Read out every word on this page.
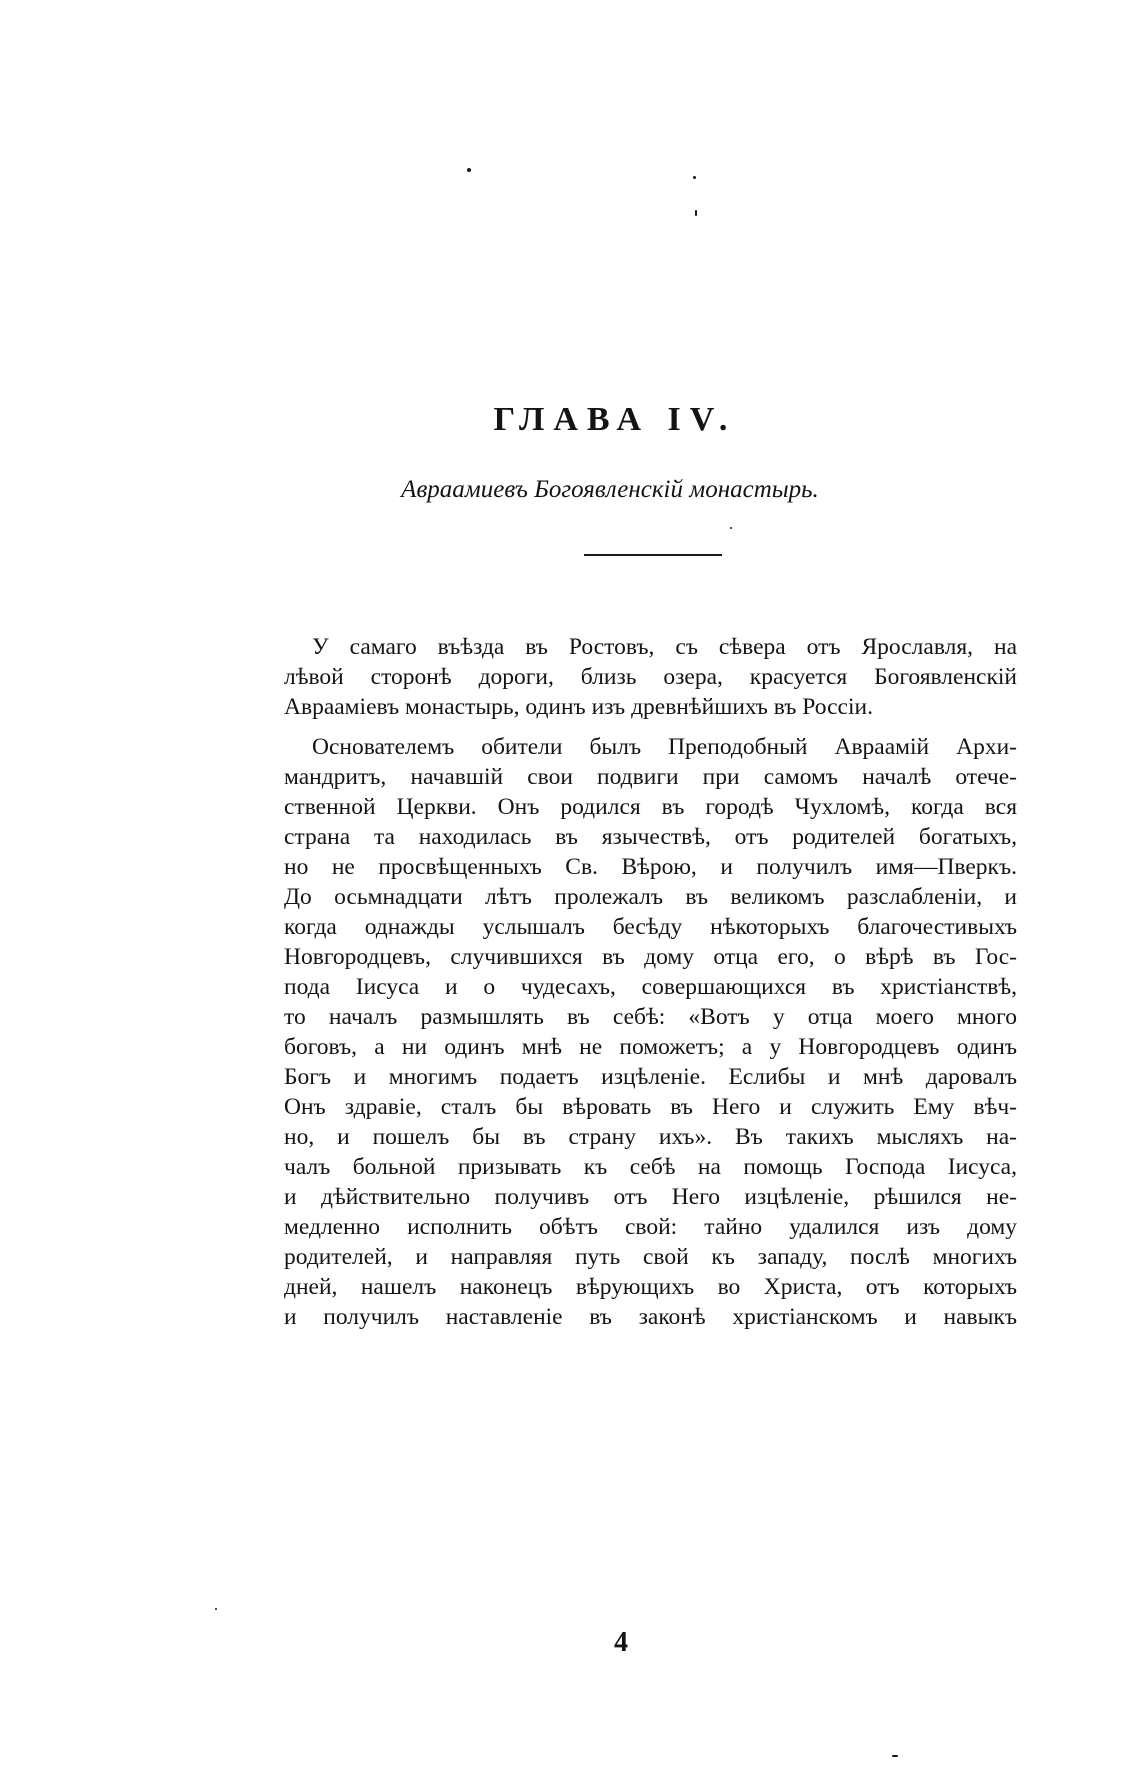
ГЛАВА IV.
Авраамиевъ Богоявленскій монастырь.

У самаго въѣзда въ Ростовъ, съ сѣвера отъ Ярославля, на
лѣвой сторонѣ дороги, близь озера, красуется Богоявленскій
Авраамiевъ монастырь, одинъ изъ древнѣйшихъ въ Россiи.

Основателемъ обители былъ Преподобный Авраамiй Архи-
мандритъ, начавшій свои подвиги при самомъ началѣ отече-
ственной Церкви. Онъ родился въ городѣ Чухломѣ, когда вся
страна та находилась въ язычествѣ, отъ родителей богатыхъ,
но не просвѣщенныхъ Св. Вѣрою, и получилъ имя—Пверкъ.
До осьмнадцати лѣтъ пролежалъ въ великомъ разслабленiи, и
когда однажды услышалъ бесѣду нѣкоторыхъ благочестивыхъ
Новгородцевъ, случившихся въ дому отца его, о вѣрѣ въ Гос-
пода Iисуса и о чудесахъ, совершающихся въ христiанствѣ,
то началъ размышлять въ себѣ: «Вотъ у отца моего много
боговъ, а ни одинъ мнѣ не поможетъ; а у Новгородцевъ одинъ
Богъ и многимъ подаетъ изцѣленіе. Еслибы и мнѣ даровалъ
Онъ здравіе, сталъ бы вѣровать въ Него и служить Ему вѣч-
но, и пошелъ бы въ страну ихъ». Въ такихъ мысляхъ на-
чалъ больной призывать къ себѣ на помощь Господа Iисуса,
и дѣйствительно получивъ отъ Него изцѣленіе, рѣшился не-
медленно исполнить обѣтъ свой: тайно удалился изъ дому
родителей, и направляя путь свой къ западу, послѣ многихъ
дней, нашелъ наконецъ вѣрующихъ во Христа, отъ которыхъ
и получилъ наставленіе въ законѣ христiанскомъ и навыкъ

4
